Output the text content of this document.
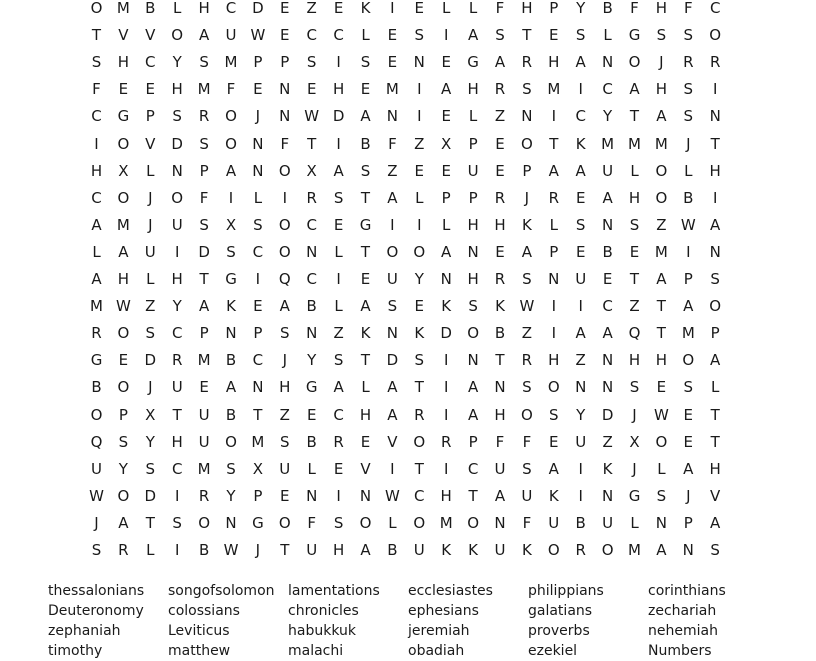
O M	B	L	H	C	D	E	Z	E	K	I	E	L	L	F	H	P	Y	B	F	H	F	C
T	V	V	O	A	U W E	C	C	L	E	S	I	A	S	T	E	S	L	G	S	S	O
S	H	C	Y	S	M	P	P	S	I	S	E	N	E	G	A	R	H	A	N	O	J	R	R
F	E	E	H M	F	E	N	E	H	E	M	I	A	H	R	S	M	I	C	A	H	S	I
C	G	P	S	R	O	J	N W D	A	N	I	E	L	Z	N	I	C	Y	T	A	S	N
I	O	V	D	S	O	N	F	T	I	B	F	Z	X	P	E	O	T	K	M M M	J	T
H	X	L	N	P	A	N	O	X	A	S	Z	E	E	U	E	P	A	A	U	L	O	L	H
C	O	J	O	F	I	L	I	R	S	T	A	L	P	P	R	J	R	E	A	H	O	B	I
A	M	J	U	S	X	S	O	C	E	G	I	I	L	H	H	K	L	S	N	S	Z W A
L	A	U	I	D	S	C	O	N	L	T	O	O	A	N	E	A	P	E	B	E	M	I	N
A	H	L	H	T	G	I	Q	C	I	E	U	Y	N	H	R	S	N	U	E	T	A	P	S
M W Z	Y	A	K	E	A	B	L	A	S	E	K	S	K W	I	I	C	Z	T	A	O
R	O	S	C	P	N	P	S	N	Z	K	N	K	D	O	B	Z	I	A	A	Q	T	M	P
G	E	D	R	M	B	C	J	Y	S	T	D	S	I	N	T	R	H	Z	N	H	H	O	A
B	O	J	U	E	A	N	H	G	A	L	A	T	I	A	N	S	O	N	N	S	E	S	L
O	P	X	T	U	B	T	Z	E	C	H	A	R	I	A	H	O	S	Y	D	J	W E	T
Q	S	Y	H	U	O M	S	B	R	E	V	O	R	P	F	F	E	U	Z	X	O	E	T
U	Y	S	C	M	S	X	U	L	E	V	I	T	I	C	U	S	A	I	K	J	L	A	H
W O	D	I	R	Y	P	E	N	I	N W C	H	T	A	U	K	I	N	G	S	J	V
J	A	T	S	O	N	G	O	F	S	O	L	O M O	N	F	U	B	U	L	N	P	A
S	R	L	I	B W	J	T	U	H	A	B	U	K	K	U	K	O	R	O M	A	N	S
thessalonians
Deuteronomy
zephaniah
timothy
songofsolomon
colossians
Leviticus
matthew
lamentations
chronicles
habukkuk
malachi
ecclesiastes
ephesians
jeremiah
obadiah
philippians
galatians
proverbs
ezekiel
corinthians
zechariah
nehemiah
Numbers
